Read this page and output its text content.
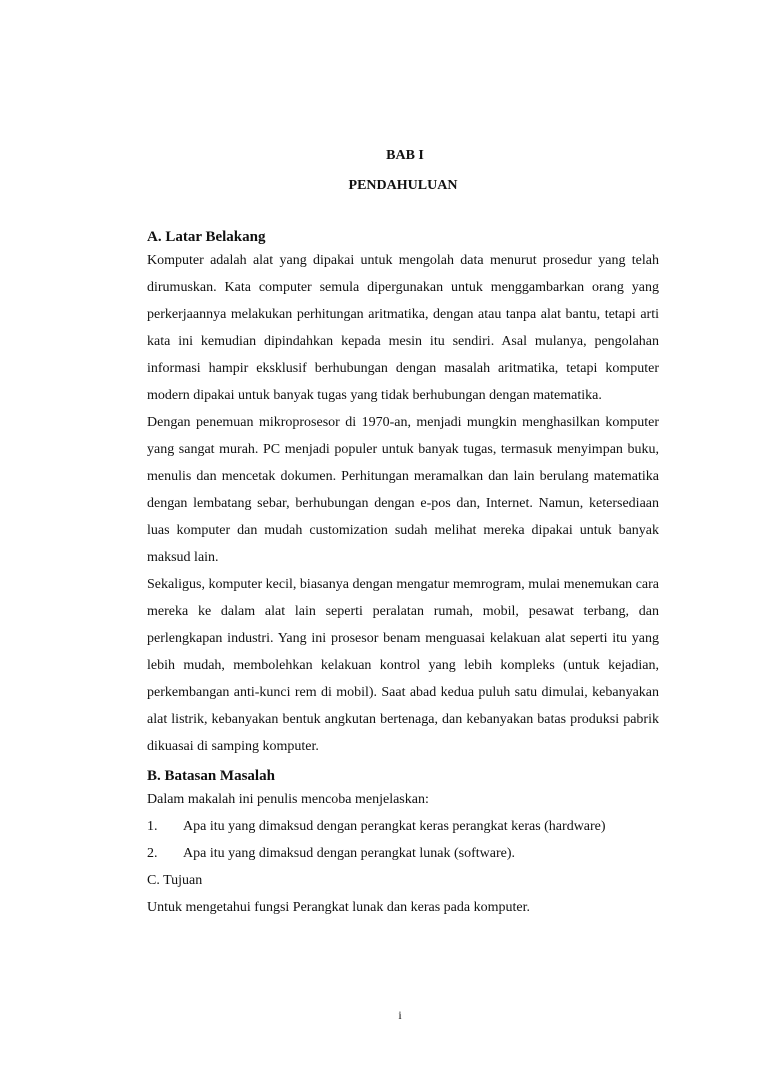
BAB I

PENDAHULUAN

A. Latar Belakang

Komputer adalah alat yang dipakai untuk mengolah data menurut prosedur yang telah dirumuskan. Kata computer semula dipergunakan untuk menggambarkan orang yang perkerjaannya melakukan perhitungan aritmatika, dengan atau tanpa alat bantu, tetapi arti kata ini kemudian dipindahkan kepada mesin itu sendiri. Asal mulanya, pengolahan informasi hampir eksklusif berhubungan dengan masalah aritmatika, tetapi komputer modern dipakai untuk banyak tugas yang tidak berhubungan dengan matematika.

Dengan penemuan mikroprosesor di 1970-an, menjadi mungkin menghasilkan komputer yang sangat murah. PC menjadi populer untuk banyak tugas, termasuk menyimpan buku, menulis dan mencetak dokumen. Perhitungan meramalkan dan lain berulang matematika dengan lembatang sebar, berhubungan dengan e-pos dan, Internet. Namun, ketersediaan luas komputer dan mudah customization sudah melihat mereka dipakai untuk banyak maksud lain.

Sekaligus, komputer kecil, biasanya dengan mengatur memrogram, mulai menemukan cara mereka ke dalam alat lain seperti peralatan rumah, mobil, pesawat terbang, dan perlengkapan industri. Yang ini prosesor benam menguasai kelakuan alat seperti itu yang lebih mudah, membolehkan kelakuan kontrol yang lebih kompleks (untuk kejadian, perkembangan anti-kunci rem di mobil). Saat abad kedua puluh satu dimulai, kebanyakan alat listrik, kebanyakan bentuk angkutan bertenaga, dan kebanyakan batas produksi pabrik dikuasai di samping komputer.

B. Batasan Masalah

Dalam makalah ini penulis mencoba menjelaskan:

1.	Apa itu yang dimaksud dengan perangkat keras perangkat keras (hardware)
2.	Apa itu yang dimaksud dengan perangkat lunak (software).

C. Tujuan

Untuk mengetahui fungsi Perangkat lunak dan keras pada komputer.

i
